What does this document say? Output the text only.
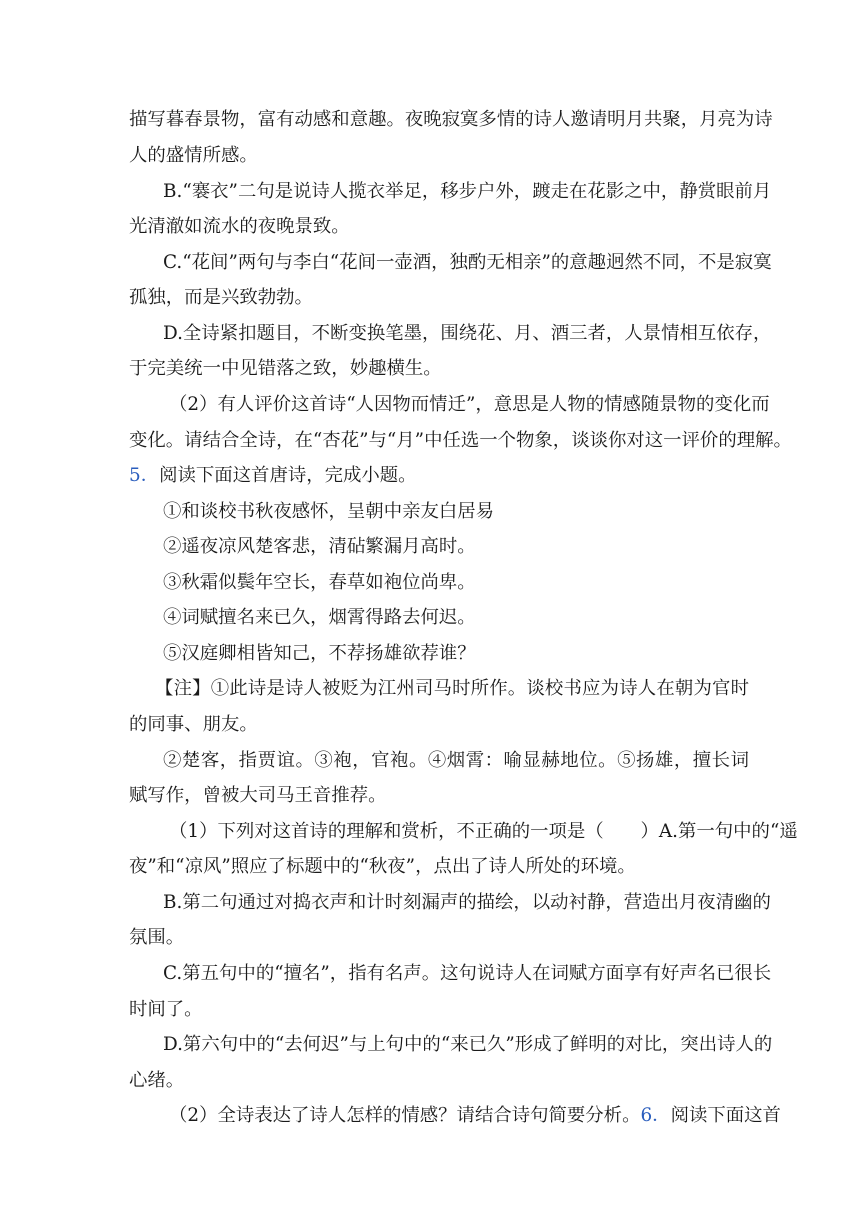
描写暮春景物，富有动感和意趣。夜晚寂寞多情的诗人邀请明月共聚，月亮为诗
人的盛情所感。
B.“褰衣”二句是说诗人揽衣举足，移步户外，踱走在花影之中，静赏眼前月
光清澈如流水的夜晚景致。
C.“花间”两句与李白“花间一壶酒，独酌无相亲”的意趣迥然不同，不是寂寞
孤独，而是兴致勃勃。
D.全诗紧扣题目，不断变换笔墨，围绕花、月、酒三者，人景情相互依存，
于完美统一中见错落之致，妙趣横生。
（2）有人评价这首诗“人因物而情迁”，意思是人物的情感随景物的变化而
变化。请结合全诗，在“杏花”与“月”中任选一个物象，谈谈你对这一评价的理解。
5．阅读下面这首唐诗，完成小题。
①和谈校书秋夜感怀，呈朝中亲友白居易
②遥夜凉风楚客悲，清砧繁漏月高时。
③秋霜似鬓年空长，春草如袍位尚卑。
④词赋擅名来已久，烟霄得路去何迟。
⑤汉庭卿相皆知己，不荐扬雄欲荐谁？
【注】①此诗是诗人被贬为江州司马时所作。谈校书应为诗人在朝为官时
的同事、朋友。
②楚客，指贾谊。③袍，官袍。④烟霄：喻显赫地位。⑤扬雄，擅长词
赋写作，曾被大司马王音推荐。
（1）下列对这首诗的理解和赏析，不正确的一项是（　　）A.第一句中的“遥
夜”和“凉风”照应了标题中的“秋夜”，点出了诗人所处的环境。
B.第二句通过对捣衣声和计时刻漏声的描绘，以动衬静，营造出月夜清幽的
氛围。
C.第五句中的“擅名”，指有名声。这句说诗人在词赋方面享有好声名已很长
时间了。
D.第六句中的“去何迟”与上句中的“来已久”形成了鲜明的对比，突出诗人的
心绪。
（2）全诗表达了诗人怎样的情感？请结合诗句简要分析。6．阅读下面这首
